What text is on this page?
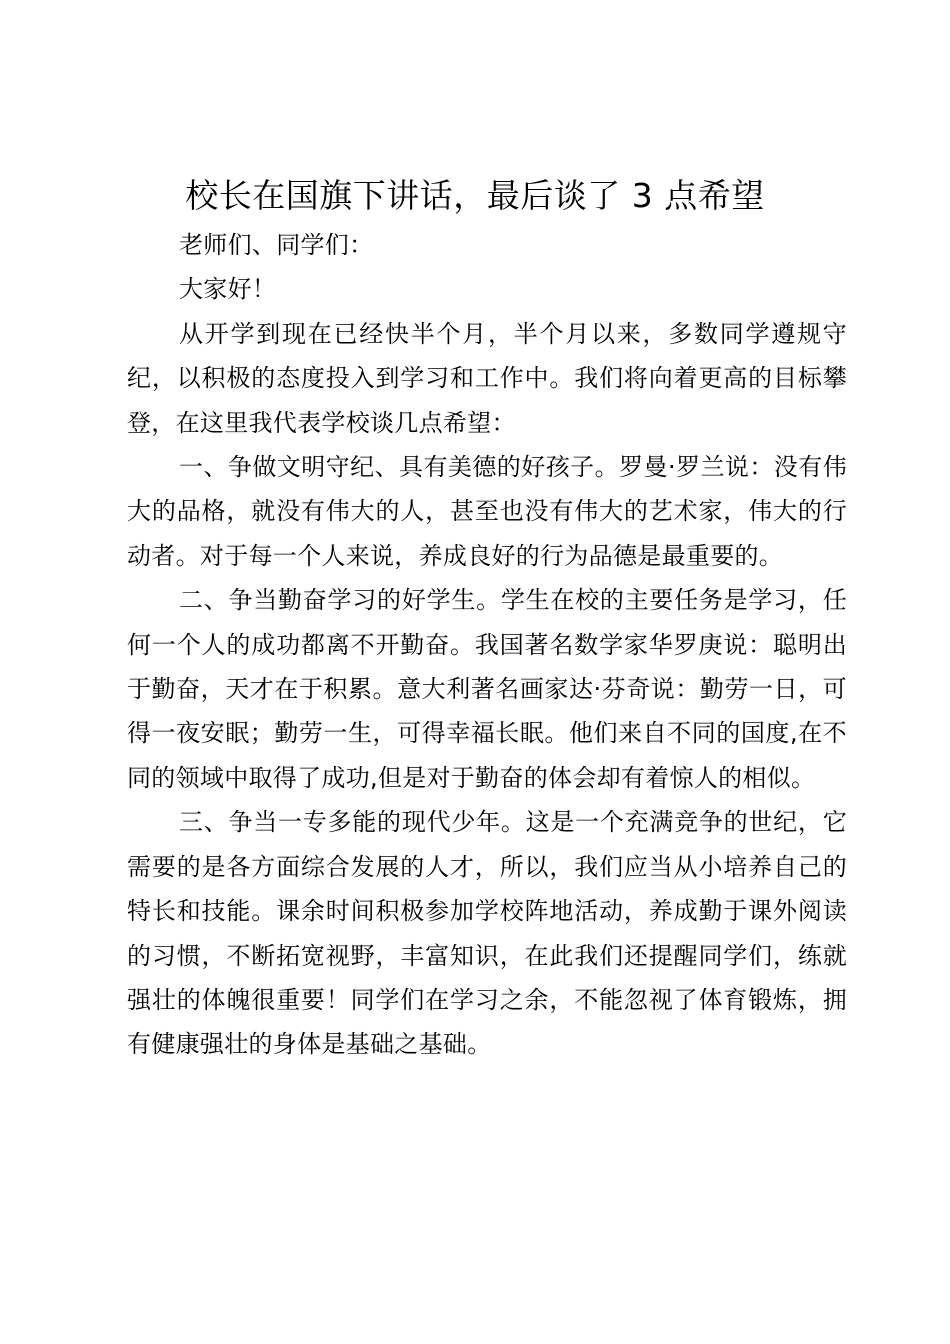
校长在国旗下讲话，最后谈了 3 点希望

老师们、同学们：

大家好！

从开学到现在已经快半个月，半个月以来，多数同学遵规守纪，以积极的态度投入到学习和工作中。我们将向着更高的目标攀登，在这里我代表学校谈几点希望：

一、争做文明守纪、具有美德的好孩子。罗曼·罗兰说：没有伟大的品格，就没有伟大的人，甚至也没有伟大的艺术家，伟大的行动者。对于每一个人来说，养成良好的行为品德是最重要的。

二、争当勤奋学习的好学生。学生在校的主要任务是学习，任何一个人的成功都离不开勤奋。我国著名数学家华罗庚说：聪明出于勤奋，天才在于积累。意大利著名画家达·芬奇说：勤劳一日，可得一夜安眠；勤劳一生，可得幸福长眠。他们来自不同的国度,在不同的领域中取得了成功,但是对于勤奋的体会却有着惊人的相似。

三、争当一专多能的现代少年。这是一个充满竞争的世纪，它需要的是各方面综合发展的人才，所以，我们应当从小培养自己的特长和技能。课余时间积极参加学校阵地活动，养成勤于课外阅读的习惯，不断拓宽视野，丰富知识，在此我们还提醒同学们，练就强壮的体魄很重要！同学们在学习之余，不能忽视了体育锻炼，拥有健康强壮的身体是基础之基础。
